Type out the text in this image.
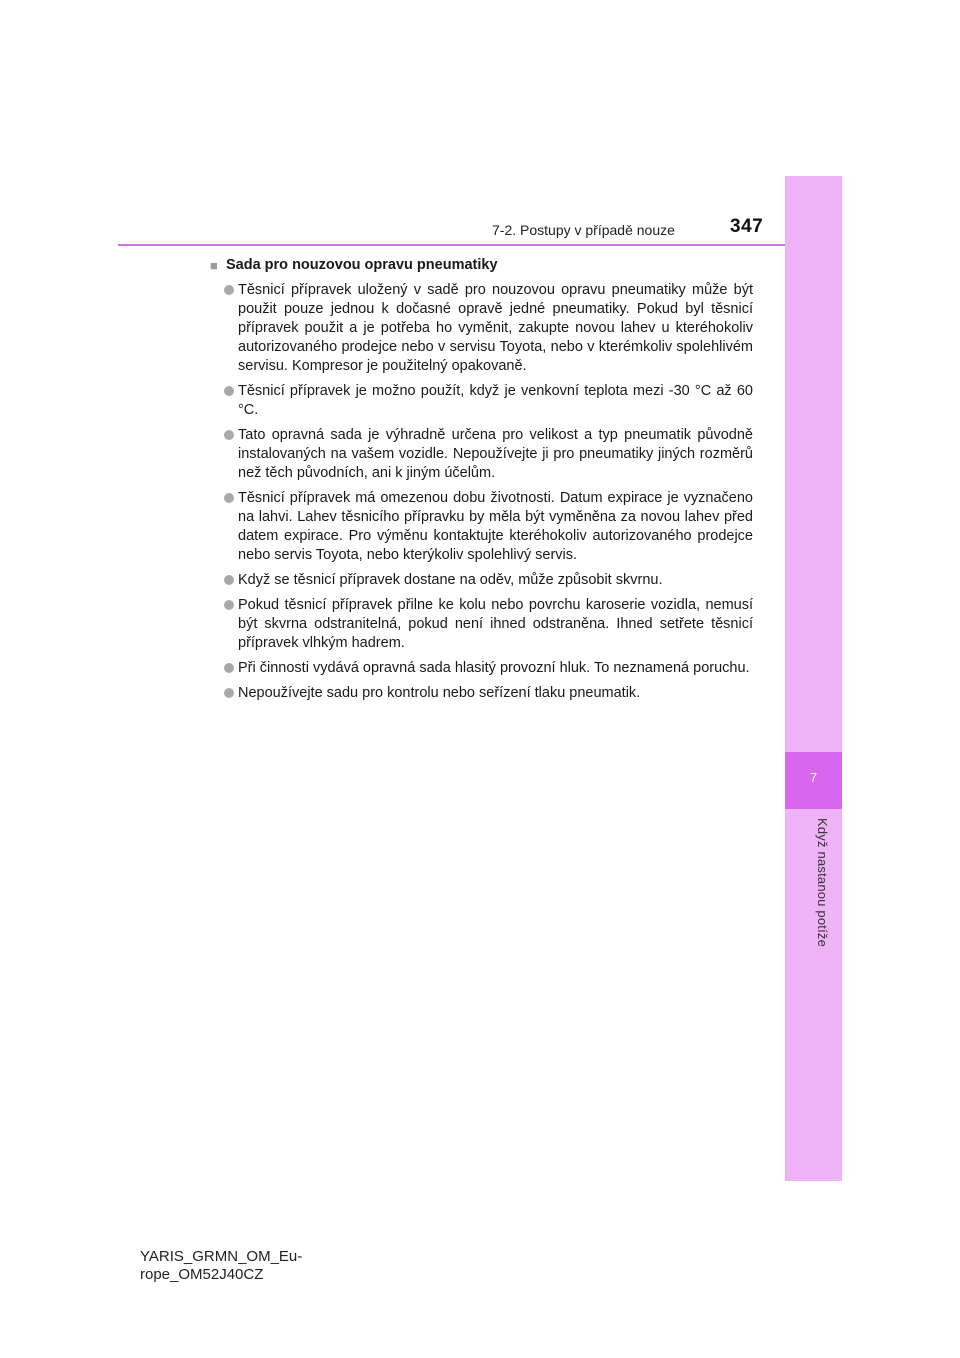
7
Když nastanou potíže
7-2. Postupy v případě nouze	347
■ Sada pro nouzovou opravu pneumatiky
Těsnicí přípravek uložený v sadě pro nouzovou opravu pneumatiky může být použit pouze jednou k dočasné opravě jedné pneumatiky. Pokud byl těsnicí přípravek použit a je potřeba ho vyměnit, zakupte novou lahev u kteréhokoliv autorizovaného prodejce nebo v servisu Toyota, nebo v kterémkoliv spolehlivém servisu. Kompresor je použitelný opakovaně.
Těsnicí přípravek je možno použít, když je venkovní teplota mezi -30 °C až 60 °C.
Tato opravná sada je výhradně určena pro velikost a typ pneumatik původně instalovaných na vašem vozidle. Nepoužívejte ji pro pneumatiky jiných rozměrů než těch původních, ani k jiným účelům.
Těsnicí přípravek má omezenou dobu životnosti. Datum expirace je vyznačeno na lahvi. Lahev těsnicího přípravku by měla být vyměněna za novou lahev před datem expirace. Pro výměnu kontaktujte kteréhokoliv autorizovaného prodejce nebo servis Toyota, nebo kterýkoliv spolehlivý servis.
Když se těsnicí přípravek dostane na oděv, může způsobit skvrnu.
Pokud těsnicí přípravek přilne ke kolu nebo povrchu karoserie vozidla, nemusí být skvrna odstranitelná, pokud není ihned odstraněna. Ihned setřete těsnicí přípravek vlhkým hadrem.
Při činnosti vydává opravná sada hlasitý provozní hluk. To neznamená poruchu.
Nepoužívejte sadu pro kontrolu nebo seřízení tlaku pneumatik.
YARIS_GRMN_OM_Eu-
rope_OM52J40CZ
